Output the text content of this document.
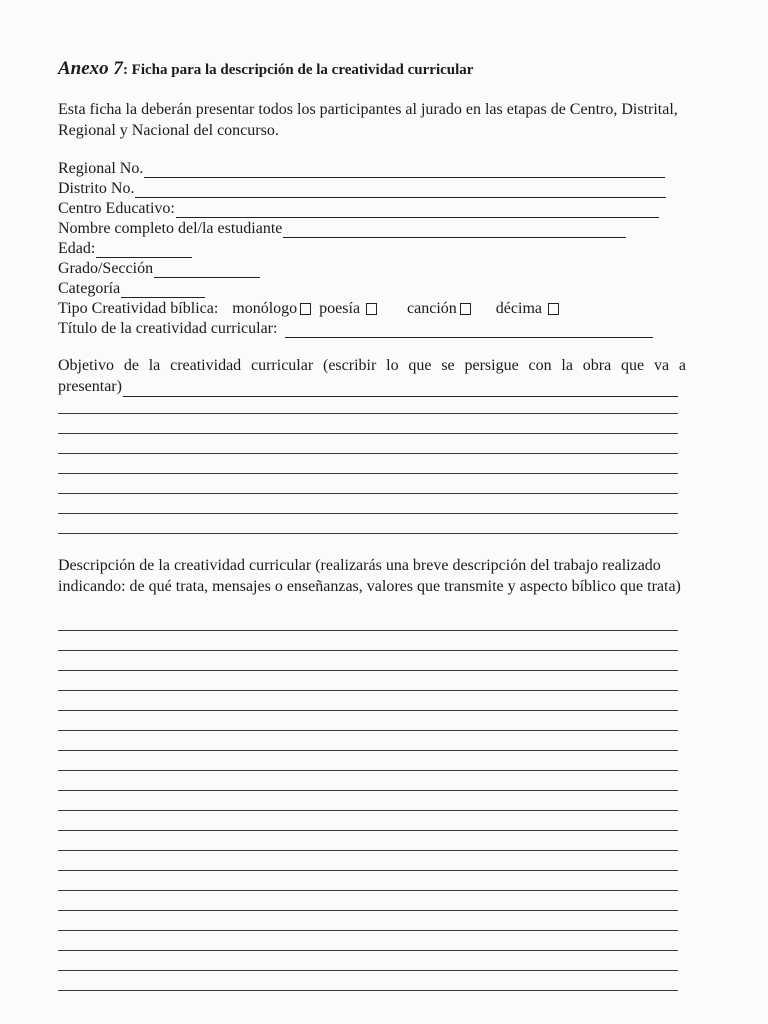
Anexo 7: Ficha para la descripción de la creatividad curricular
Esta ficha la deberán presentar todos los participantes al jurado en las etapas de Centro, Distrital, Regional y Nacional del concurso.
Regional No.
Distrito No.
Centro Educativo:
Nombre completo del/la estudiante
Edad:
Grado/Sección
Categoría
Tipo Creatividad bíblica: monólogo poesía	canción décima
Título de la creatividad curricular:
Objetivo de la creatividad curricular (escribir lo que se persigue con la obra que va a
presentar)
Descripción de la creatividad curricular (realizarás una breve descripción del trabajo realizado indicando: de qué trata, mensajes o enseñanzas, valores que transmite y aspecto bíblico que trata)
